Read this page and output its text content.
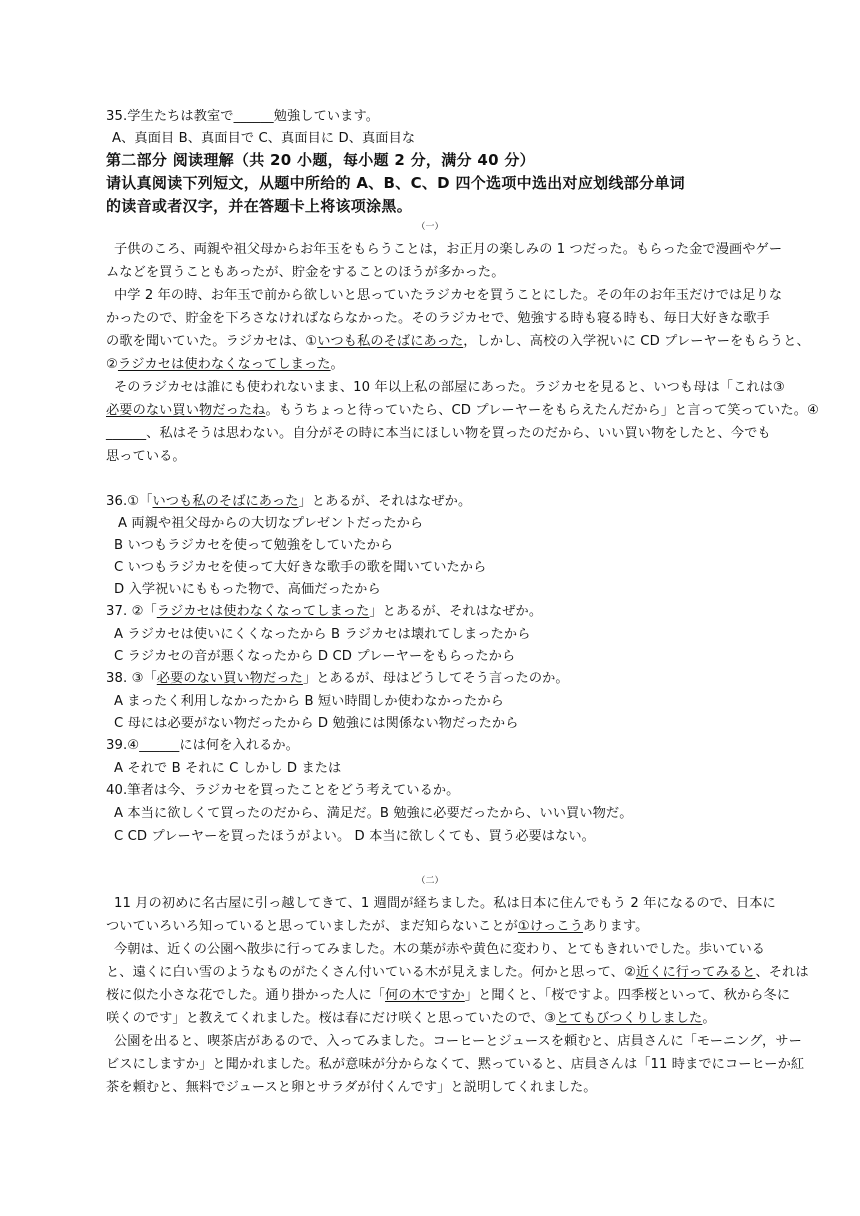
35.学生たちは教室で______勉強しています。
A、真面目 B、真面目で C、真面目に D、真面目な
第二部分 阅读理解（共 20 小题，每小题 2 分，满分 40 分）
请认真阅读下列短文，从题中所给的 A、B、C、D 四个选项中选出对应划线部分单词
的读音或者汉字，并在答题卡上将该项涂黑。
（一）
子供のころ、両親や祖父母からお年玉をもらうことは，お正月の楽しみの 1 つだった。もらった金で漫画やゲー
ムなどを買うこともあったが、貯金をすることのほうが多かった。
中学 2 年の時、お年玉で前から欲しいと思っていたラジカセを買うことにした。その年のお年玉だけでは足りな
かったので、貯金を下ろさなければならなかった。そのラジカセで、勉強する時も寝る時も、毎日大好きな歌手
の歌を聞いていた。ラジカセは、①いつも私のそばにあった，しかし、高校の入学祝いに CD プレーヤーをもらうと、
②ラジカセは使わなくなってしまった。
そのラジカセは誰にも使われないまま、10 年以上私の部屋にあった。ラジカセを見ると、いつも母は「これは③
必要のない買い物だったね。もうちょっと待っていたら、CD プレーヤーをもらえたんだから」と言って笑っていた。④
______、私はそうは思わない。自分がその時に本当にほしい物を買ったのだから、いい買い物をしたと、今でも
思っている。
36.①「いつも私のそばにあった」とあるが、それはなぜか。
A 両親や祖父母からの大切なプレゼントだったから
B いつもラジカセを使って勉強をしていたから
C いつもラジカセを使って大好きな歌手の歌を聞いていたから
D 入学祝いにももった物で、高価だったから
37. ②「ラジカセは使わなくなってしまった」とあるが、それはなぜか。
A ラジカセは使いにくくなったから B ラジカセは壊れてしまったから
C ラジカセの音が悪くなったから D CD プレーヤーをもらったから
38. ③「必要のない買い物だった」とあるが、母はどうしてそう言ったのか。
A まったく利用しなかったから B 短い時間しか使わなかったから
C 母には必要がない物だったから D 勉強には関係ない物だったから
39.④______には何を入れるか。
A それで B それに C しかし D または
40.筆者は今、ラジカセを買ったことをどう考えているか。
A 本当に欲しくて買ったのだから、満足だ。B 勉強に必要だったから、いい買い物だ。
C CD プレーヤーを買ったほうがよい。 D 本当に欲しくても、買う必要はない。
（二）
11 月の初めに名古屋に引っ越してきて、1 週間が経ちました。私は日本に住んでもう 2 年になるので、日本に
ついていろいろ知っていると思っていましたが、まだ知らないことが①けっこうあります。
今朝は、近くの公園へ散歩に行ってみました。木の葉が赤や黄色に変わり、とてもきれいでした。歩いている
と、遠くに白い雪のようなものがたくさん付いている木が見えました。何かと思って、②近くに行ってみると、それは
桜に似た小さな花でした。通り掛かった人に「何の木ですか」と聞くと、「桜ですよ。四季桜といって、秋から冬に
咲くのです」と教えてくれました。桜は春にだけ咲くと思っていたので、③とてもびつくりしました。
公園を出ると、喫茶店があるので、入ってみました。コーヒーとジュースを頼むと、店員さんに「モーニング，サー
ビスにしますか」と聞かれました。私が意味が分からなくて、黙っていると、店員さんは「11 時までにコーヒーか紅
茶を頼むと、無料でジュースと卵とサラダが付くんです」と説明してくれました。
